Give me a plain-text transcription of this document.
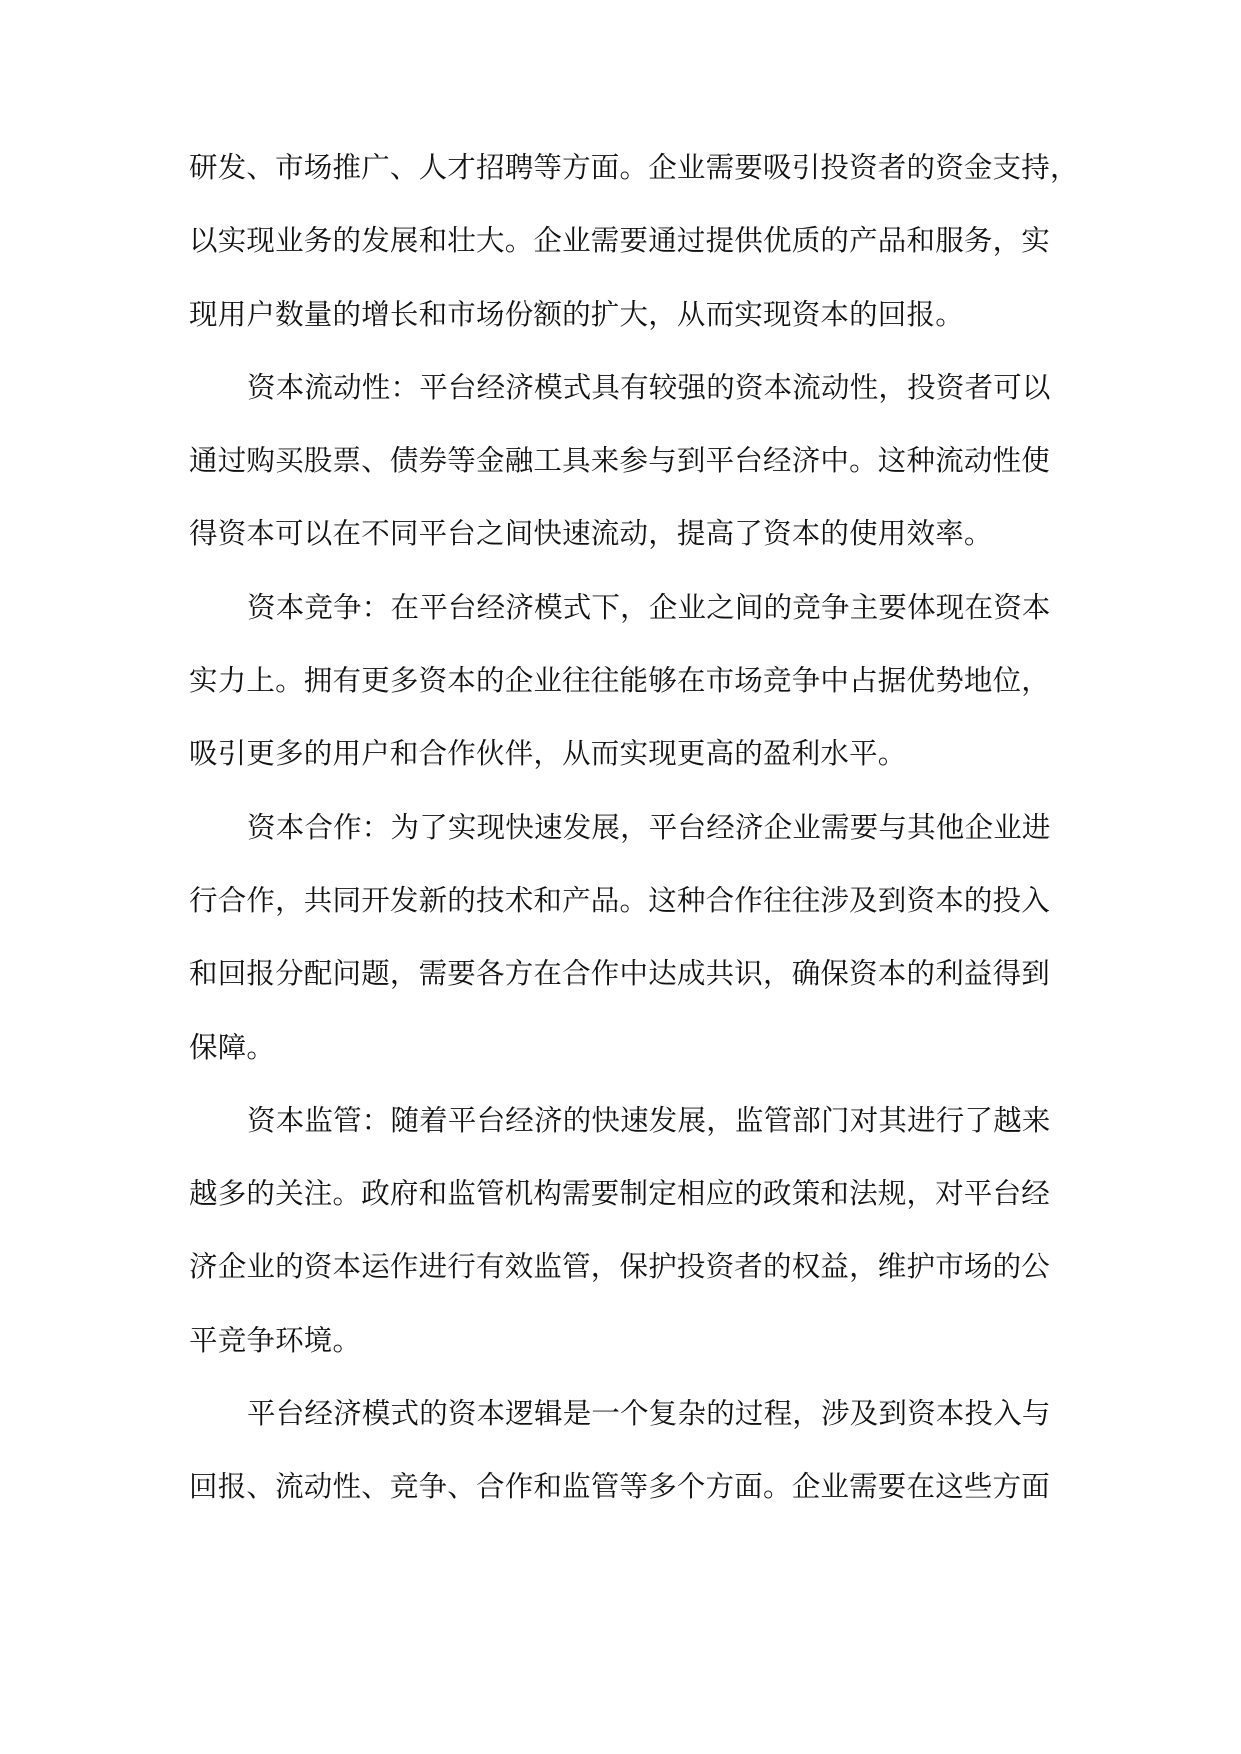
研发、市场推广、人才招聘等方面。企业需要吸引投资者的资金支持，
以实现业务的发展和壮大。企业需要通过提供优质的产品和服务，实
现用户数量的增长和市场份额的扩大，从而实现资本的回报。
资本流动性：平台经济模式具有较强的资本流动性，投资者可以
通过购买股票、债券等金融工具来参与到平台经济中。这种流动性使
得资本可以在不同平台之间快速流动，提高了资本的使用效率。
资本竞争：在平台经济模式下，企业之间的竞争主要体现在资本
实力上。拥有更多资本的企业往往能够在市场竞争中占据优势地位，
吸引更多的用户和合作伙伴，从而实现更高的盈利水平。
资本合作：为了实现快速发展，平台经济企业需要与其他企业进
行合作，共同开发新的技术和产品。这种合作往往涉及到资本的投入
和回报分配问题，需要各方在合作中达成共识，确保资本的利益得到
保障。
资本监管：随着平台经济的快速发展，监管部门对其进行了越来
越多的关注。政府和监管机构需要制定相应的政策和法规，对平台经
济企业的资本运作进行有效监管，保护投资者的权益，维护市场的公
平竞争环境。
平台经济模式的资本逻辑是一个复杂的过程，涉及到资本投入与
回报、流动性、竞争、合作和监管等多个方面。企业需要在这些方面
